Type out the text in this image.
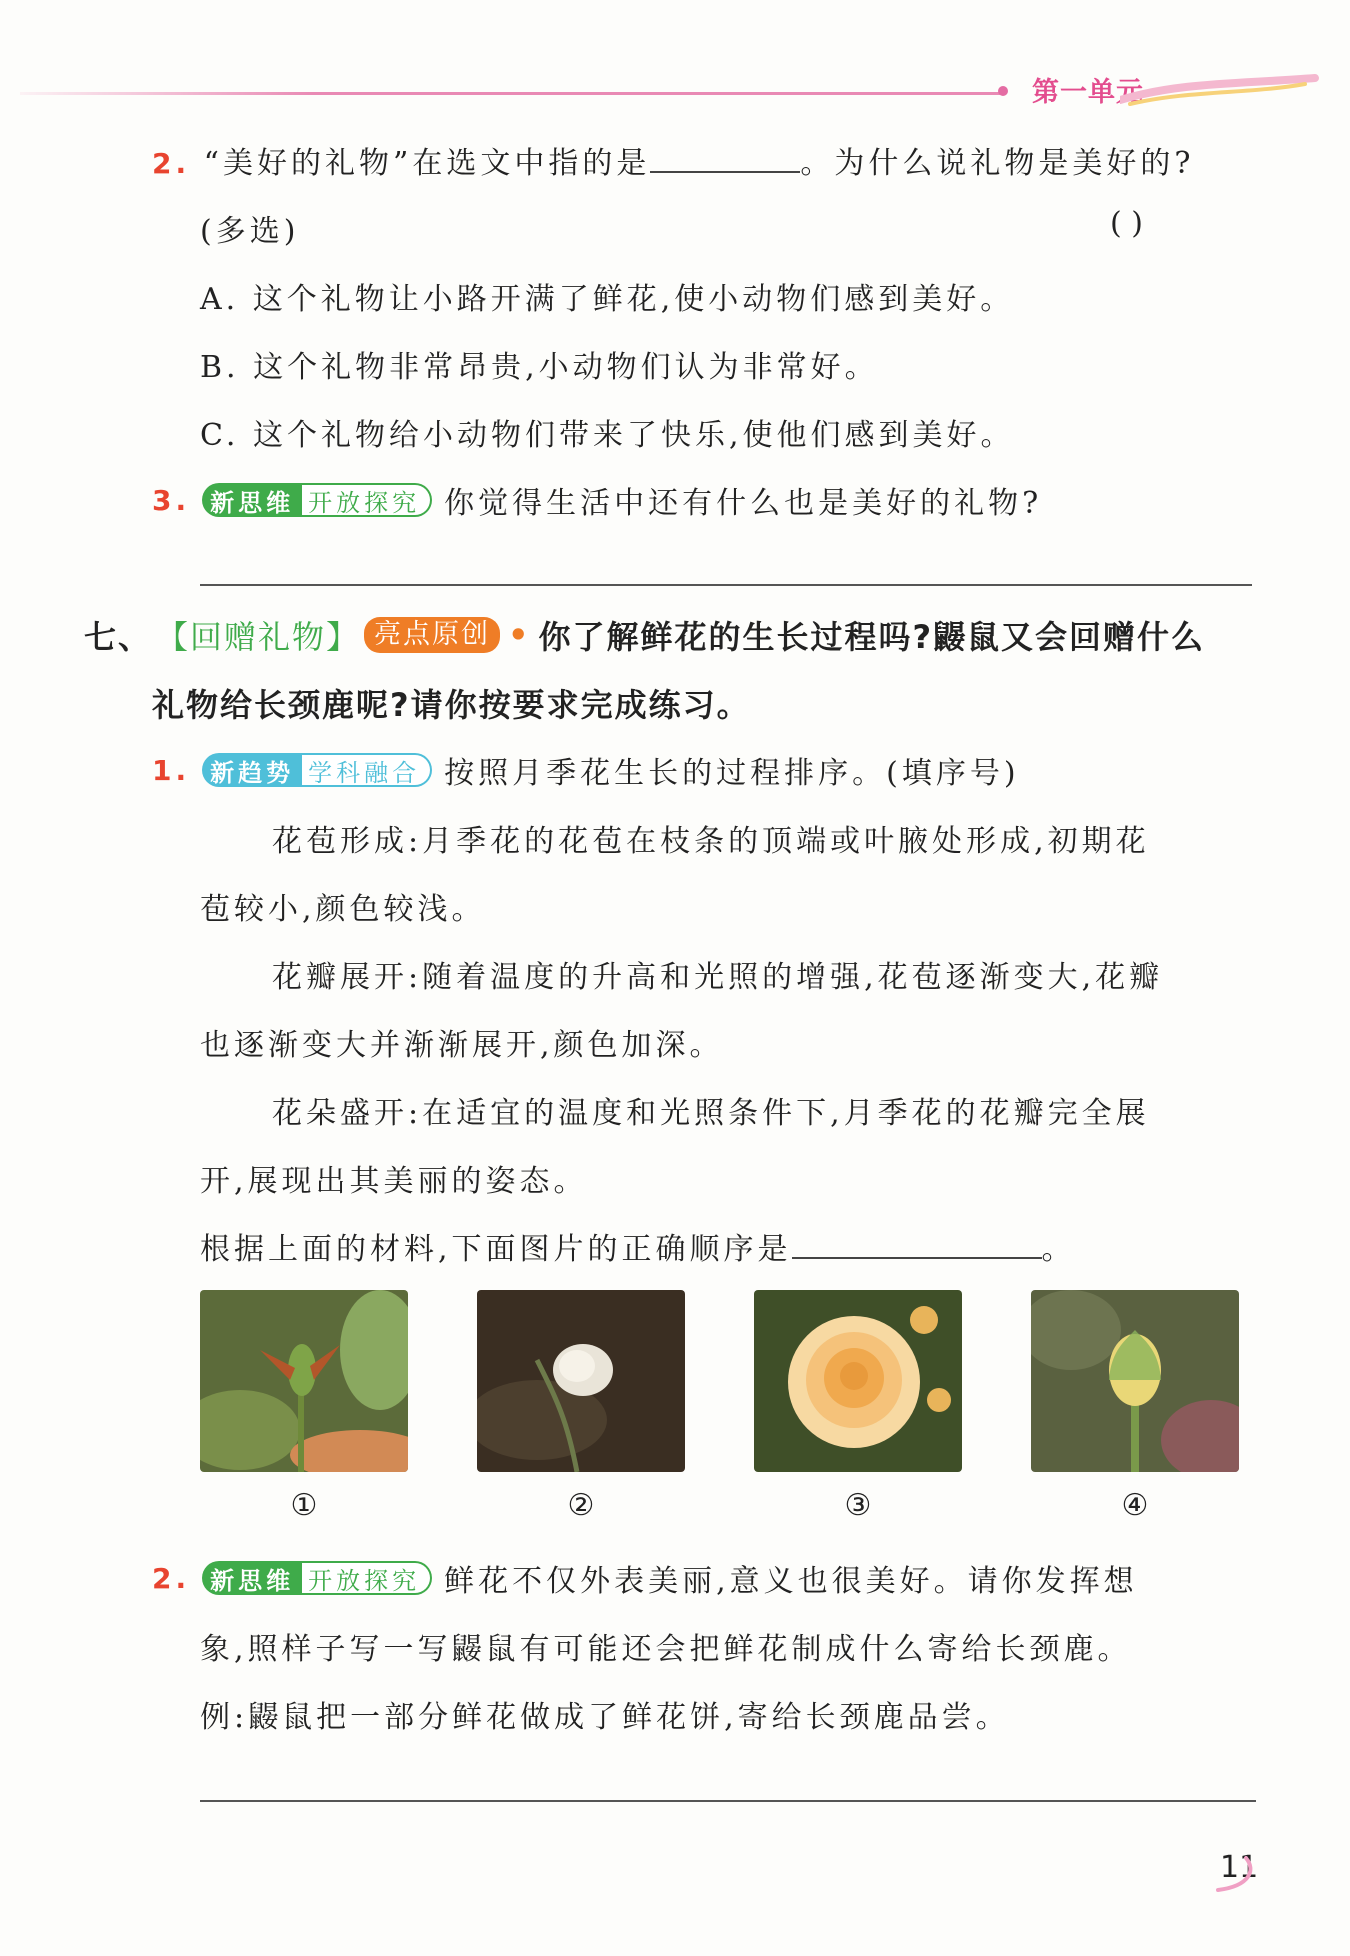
第一单元
2. “美好的礼物”在选文中指的是	。为什么说礼物是美好的?
(多选)	( )
A. 这个礼物让小路开满了鲜花,使小动物们感到美好。
B. 这个礼物非常昂贵,小动物们认为非常好。
C. 这个礼物给小动物们带来了快乐,使他们感到美好。
3. 新思维 开放探究 你觉得生活中还有什么也是美好的礼物?
七、 【回赠礼物】 亮点原创 • 你了解鲜花的生长过程吗?鼹鼠又会回赠什么
礼物给长颈鹿呢?请你按要求完成练习。
1. 新趋势 学科融合 按照月季花生长的过程排序。(填序号)
花苞形成:月季花的花苞在枝条的顶端或叶腋处形成,初期花
苞较小,颜色较浅。
花瓣展开:随着温度的升高和光照的增强,花苞逐渐变大,花瓣
也逐渐变大并渐渐展开,颜色加深。
花朵盛开:在适宜的温度和光照条件下,月季花的花瓣完全展
开,展现出其美丽的姿态。
根据上面的材料,下面图片的正确顺序是	。
①	②	③	④
2. 新思维 开放探究 鲜花不仅外表美丽,意义也很美好。请你发挥想
象,照样子写一写鼹鼠有可能还会把鲜花制成什么寄给长颈鹿。
例:鼹鼠把一部分鲜花做成了鲜花饼,寄给长颈鹿品尝。
11
